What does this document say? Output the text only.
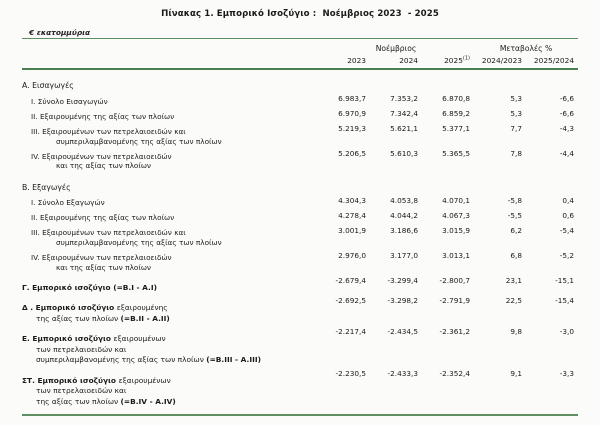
Πίνακας 1. Εμπορικό Ισοζύγιο :  Νοέμβριος 2023  - 2025
€ εκατομμύρια
	Νοέμβριος			Μεταβολές %	
	2023	2024	2025$^{(1)}$	2024/2023	2025/2024

Α. Εισαγωγές					

I. Σύνολο Εισαγωγών	6.983,7	7.353,2	6.870,8	5,3	-6,6

II. Εξαιρουμένης της αξίας των πλοίων	6.970,9	7.342,4	6.859,2	5,3	-6,6

III. Εξαιρουμένων των πετρελαιοειδών και
συμπεριλαμβανομένης της αξίας των πλοίων	5.219,3	5.621,1	5.377,1	7,7	-4,3

IV. Εξαιρουμένων των πετρελαιοειδών
και της αξίας των πλοίων	5.206,5	5.610,3	5.365,5	7,8	-4,4

Β. Εξαγωγές					

I. Σύνολο Εξαγωγών	4.304,3	4.053,8	4.070,1	-5,8	0,4

II. Εξαιρουμένης της αξίας των πλοίων	4.278,4	4.044,2	4.067,3	-5,5	0,6

III. Εξαιρουμένων των πετρελαιοειδών και
συμπεριλαμβανομένης της αξίας των πλοίων	3.001,9	3.186,6	3.015,9	6,2	-5,4

IV. Εξαιρουμένων των πετρελαιοειδών
και της αξίας των πλοίων	2.976,0	3.177,0	3.013,1	6,8	-5,2

Γ. Εμπορικό ισοζύγιο (=Β.I - A.I)	-2.679,4	-3.299,4	-2.800,7	23,1	-15,1

Δ . Εμπορικό ισοζύγιο εξαιρουμένης
της αξίας των πλοίων (=Β.II - A.II)	-2.692,5	-3.298,2	-2.791,9	22,5	-15,4

Ε. Εμπορικό ισοζύγιο εξαιρουμένων
των πετρελαιοειδών και
συμπεριλαμβανομένης της αξίας των πλοίων (=Β.III - A.III)	-2.217,4	-2.434,5	-2.361,2	9,8	-3,0

ΣΤ. Εμπορικό ισοζύγιο εξαιρουμένων
των πετρελαιοειδών και
της αξίας των πλοίων (=Β.IV - A.IV)	-2.230,5	-2.433,3	-2.352,4	9,1	-3,3
